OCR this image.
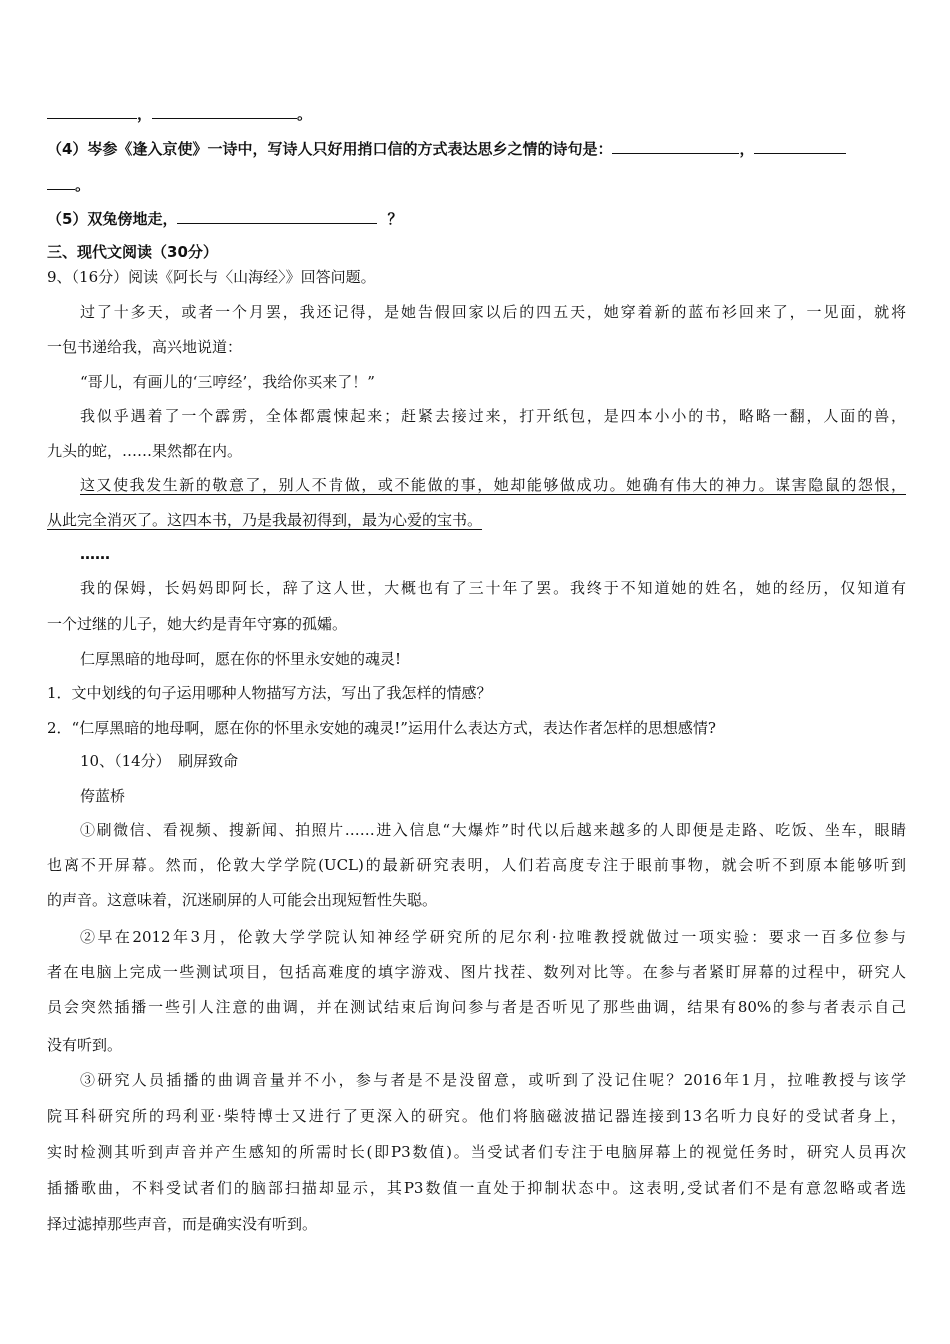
，	。
（4）岑参《逢入京使》一诗中，写诗人只好用捎口信的方式表达思乡之情的诗句是：	，
。
（5）双兔傍地走，	？
三、现代文阅读（30分）
9、（16分）阅读《阿长与〈山海经〉》回答问题。
过了十多天，或者一个月罢，我还记得，是她告假回家以后的四五天，她穿着新的蓝布衫回来了，一见面，就将
一包书递给我，高兴地说道：
“哥儿，有画儿的‘三哼经’，我给你买来了！”
我似乎遇着了一个霹雳，全体都震悚起来；赶紧去接过来，打开纸包，是四本小小的书，略略一翻，人面的兽，
九头的蛇，……果然都在内。
这又使我发生新的敬意了，别人不肯做，或不能做的事，她却能够做成功。她确有伟大的神力。谋害隐鼠的怨恨，
从此完全消灭了。这四本书，乃是我最初得到，最为心爱的宝书。
……
我的保姆，长妈妈即阿长，辞了这人世，大概也有了三十年了罢。我终于不知道她的姓名，她的经历，仅知道有
一个过继的儿子，她大约是青年守寡的孤孀。
仁厚黑暗的地母呵，愿在你的怀里永安她的魂灵!
1．文中划线的句子运用哪种人物描写方法，写出了我怎样的情感？
2．“仁厚黑暗的地母啊，愿在你的怀里永安她的魂灵!”运用什么表达方式，表达作者怎样的思想感情?
10、（14分）　刷屏致命
侉蓝桥
①刷微信、看视频、搜新闻、拍照片……进入信息“大爆炸”时代以后越来越多的人即便是走路、吃饭、坐车，眼睛
也离不开屏幕。然而，伦敦大学学院(UCL)的最新研究表明，人们若高度专注于眼前事物，就会听不到原本能够听到
的声音。这意味着，沉迷刷屏的人可能会出现短暂性失聪。
②早在2012年3月，伦敦大学学院认知神经学研究所的尼尔利·拉唯教授就做过一项实验：要求一百多位参与
者在电脑上完成一些测试项目，包括高难度的填字游戏、图片找茬、数列对比等。在参与者紧盯屏幕的过程中，研究人
员会突然插播一些引人注意的曲调，并在测试结束后询问参与者是否听见了那些曲调，结果有80%的参与者表示自己
没有听到。
③研究人员插播的曲调音量并不小，参与者是不是没留意，或听到了没记住呢？2016年1月，拉唯教授与该学
院耳科研究所的玛利亚·柴特博士又进行了更深入的研究。他们将脑磁波描记器连接到13名听力良好的受试者身上，
实时检测其听到声音并产生感知的所需时长(即P3数值)。当受试者们专注于电脑屏幕上的视觉任务时，研究人员再次
插播歌曲，不料受试者们的脑部扫描却显示，其P3数值一直处于抑制状态中。这表明,受试者们不是有意忽略或者选
择过滤掉那些声音，而是确实没有听到。
